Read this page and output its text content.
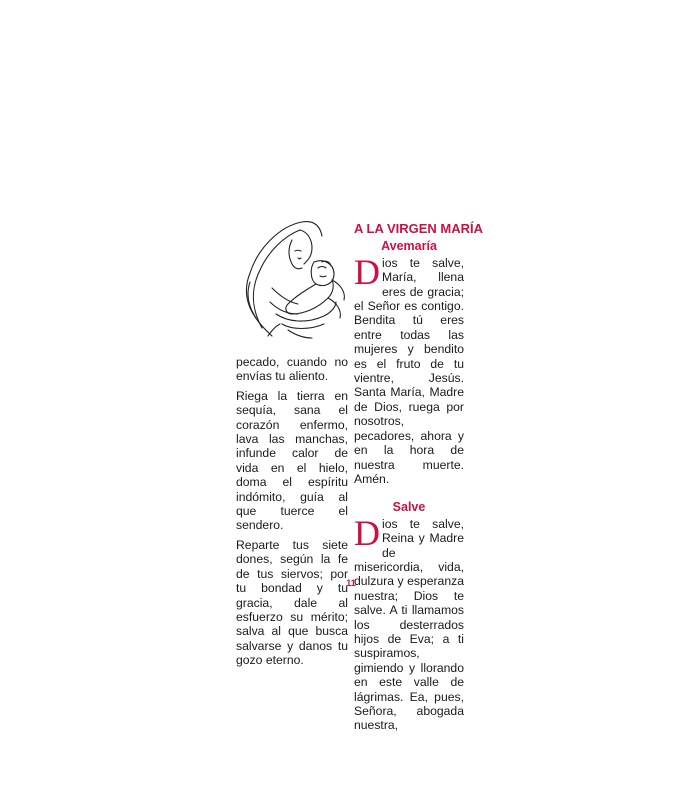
pecado, cuando no envías tu aliento.

Riega la tierra en sequía, sana el corazón enfermo, lava las manchas, infunde calor de vida en el hielo, doma el espíritu indómito, guía al que tuerce el sendero.

Reparte tus siete dones, según la fe de tus siervos; por tu bondad y tu gracia, dale al esfuerzo su mérito; salva al que busca salvarse y danos tu gozo eterno.

A LA VIRGEN MARÍA
Avemaría

Dios te salve, María, llena eres de gracia; el Señor es contigo. Bendita tú eres entre todas las mujeres y bendito es el fruto de tu vientre, Jesús. Santa María, Madre de Dios, ruega por nosotros, pecadores, ahora y en la hora de nuestra muerte. Amén.

Salve

Dios te salve, Reina y Madre de misericordia, vida, dulzura y esperanza nuestra; Dios te salve. A ti llamamos los desterrados hijos de Eva; a ti suspiramos, gimiendo y llorando en este valle de lágrimas. Ea, pues, Señora, abogada nuestra,

11
